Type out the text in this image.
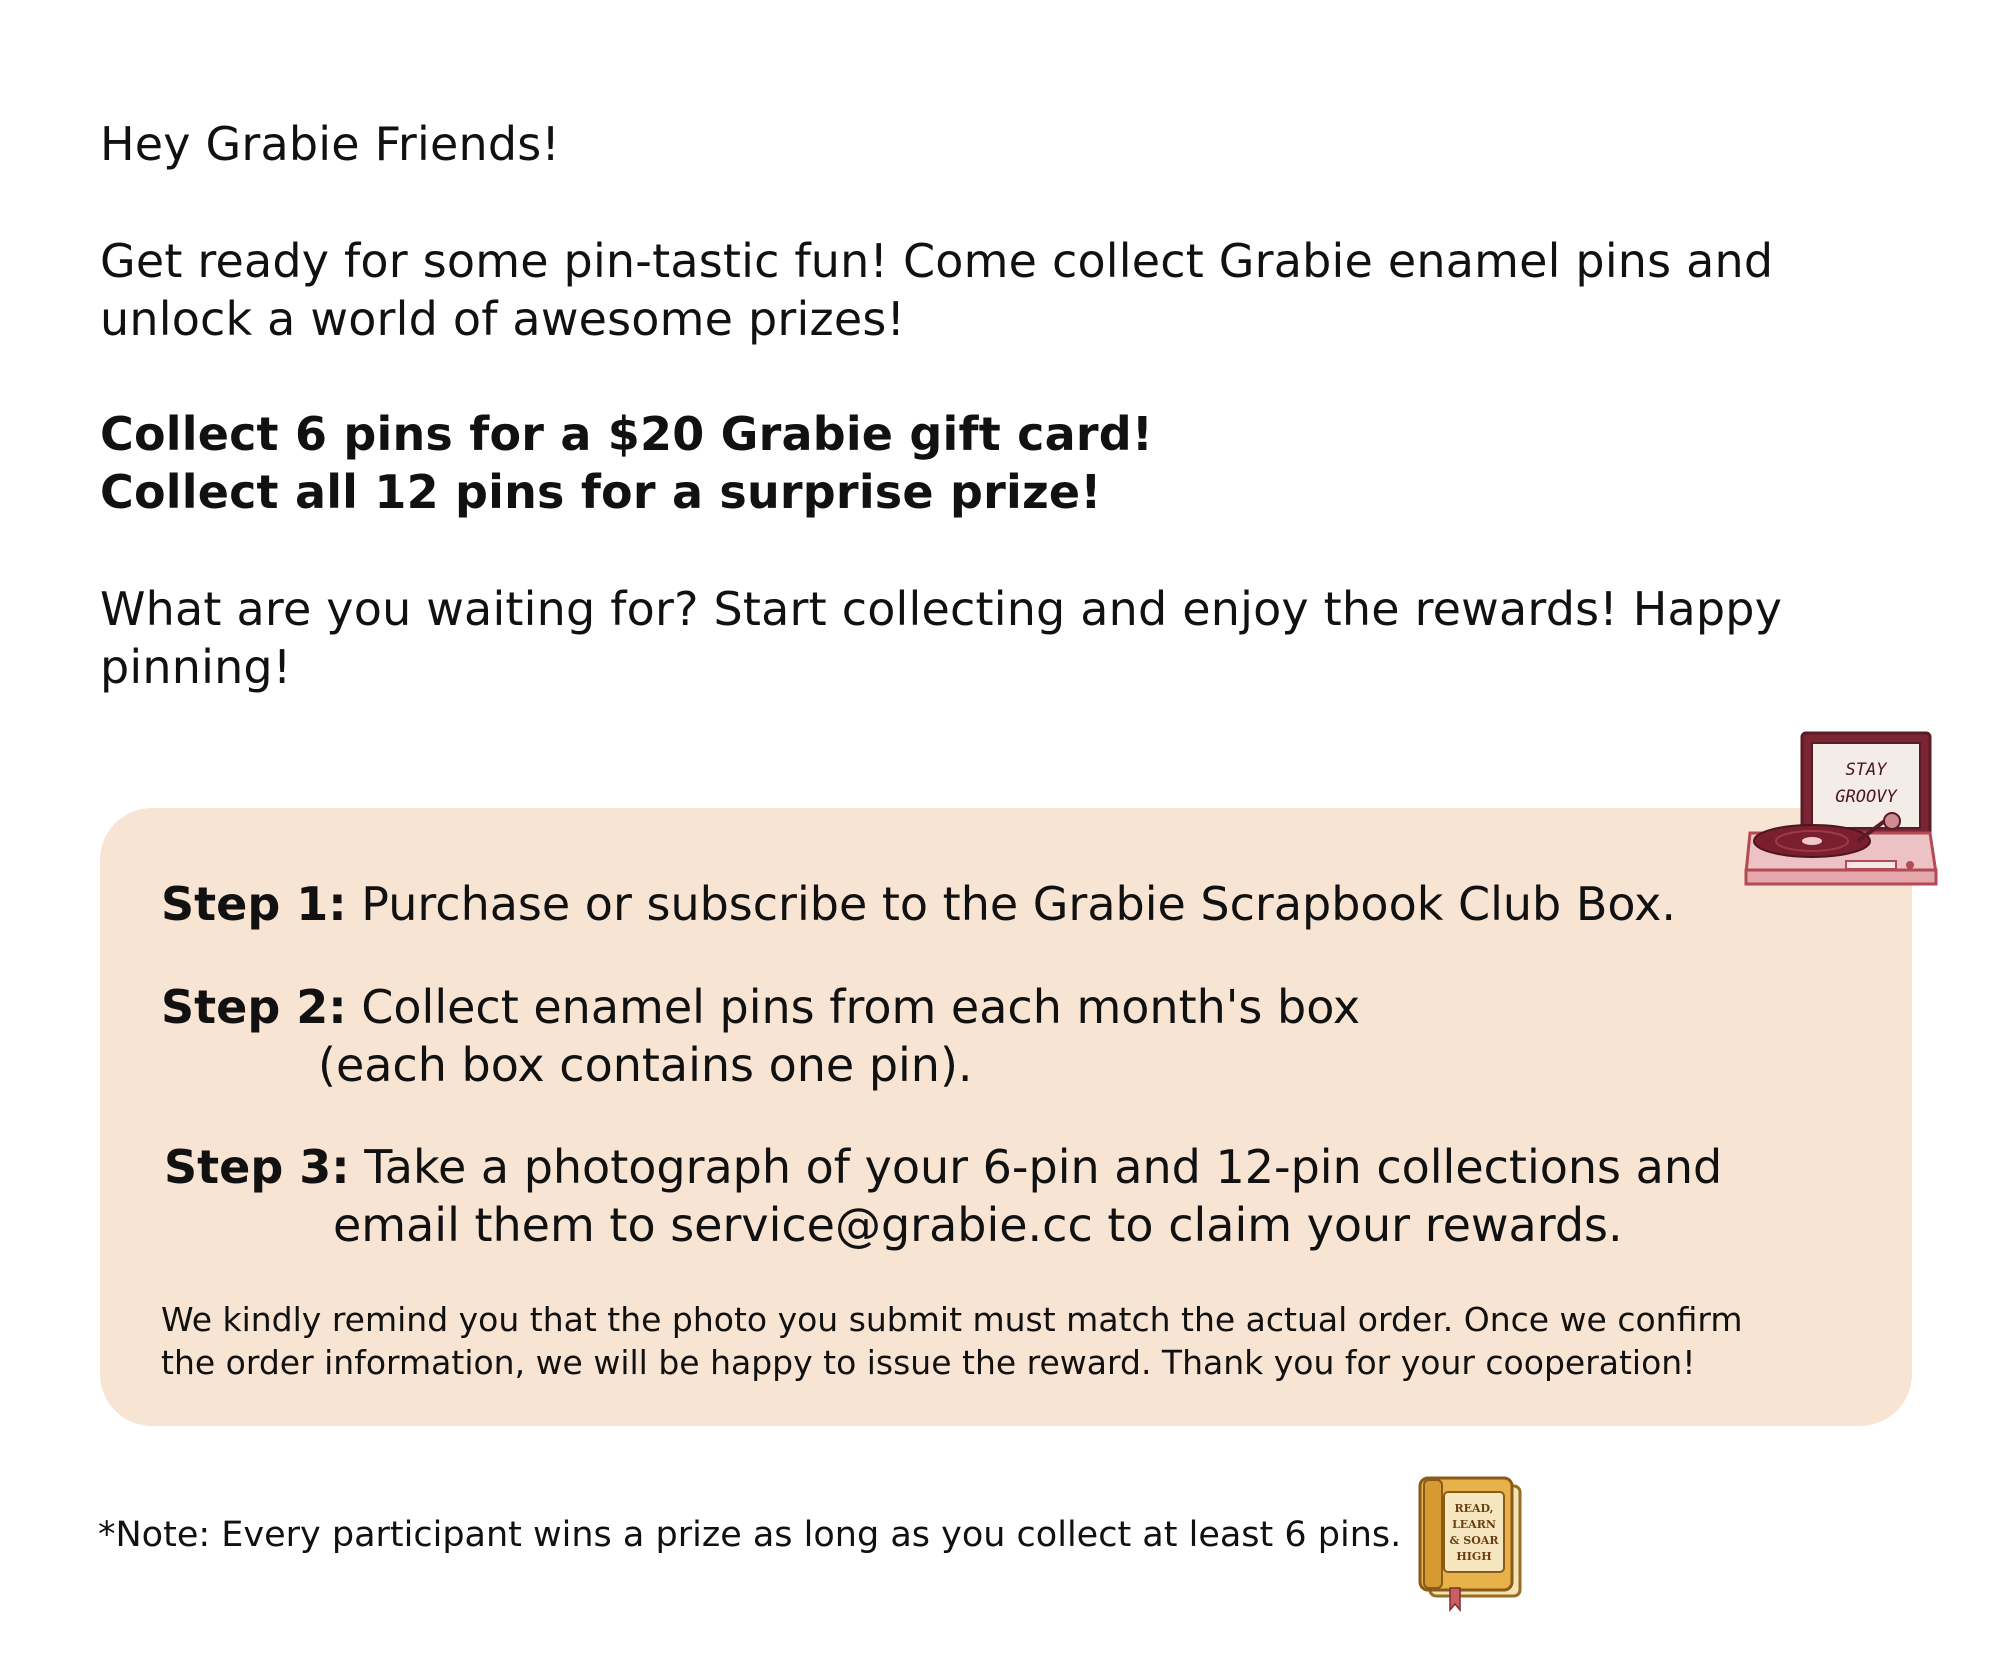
Hey Grabie Friends!
Get ready for some pin-tastic fun! Come collect Grabie enamel pins and
unlock a world of awesome prizes!
Collect 6 pins for a $20 Grabie gift card!
Collect all 12 pins for a surprise prize!
What are you waiting for? Start collecting and enjoy the rewards! Happy
pinning!
Step 1: Purchase or subscribe to the Grabie Scrapbook Club Box.
Step 2: Collect enamel pins from each month's box
(each box contains one pin).
Step 3: Take a photograph of your 6-pin and 12-pin collections and
email them to service@grabie.cc to claim your rewards.
We kindly remind you that the photo you submit must match the actual order. Once we confirm
the order information, we will be happy to issue the reward. Thank you for your cooperation!
*Note: Every participant wins a prize as long as you collect at least 6 pins.
STAY
GROOVY
READ,
LEARN
& SOAR
HIGH
